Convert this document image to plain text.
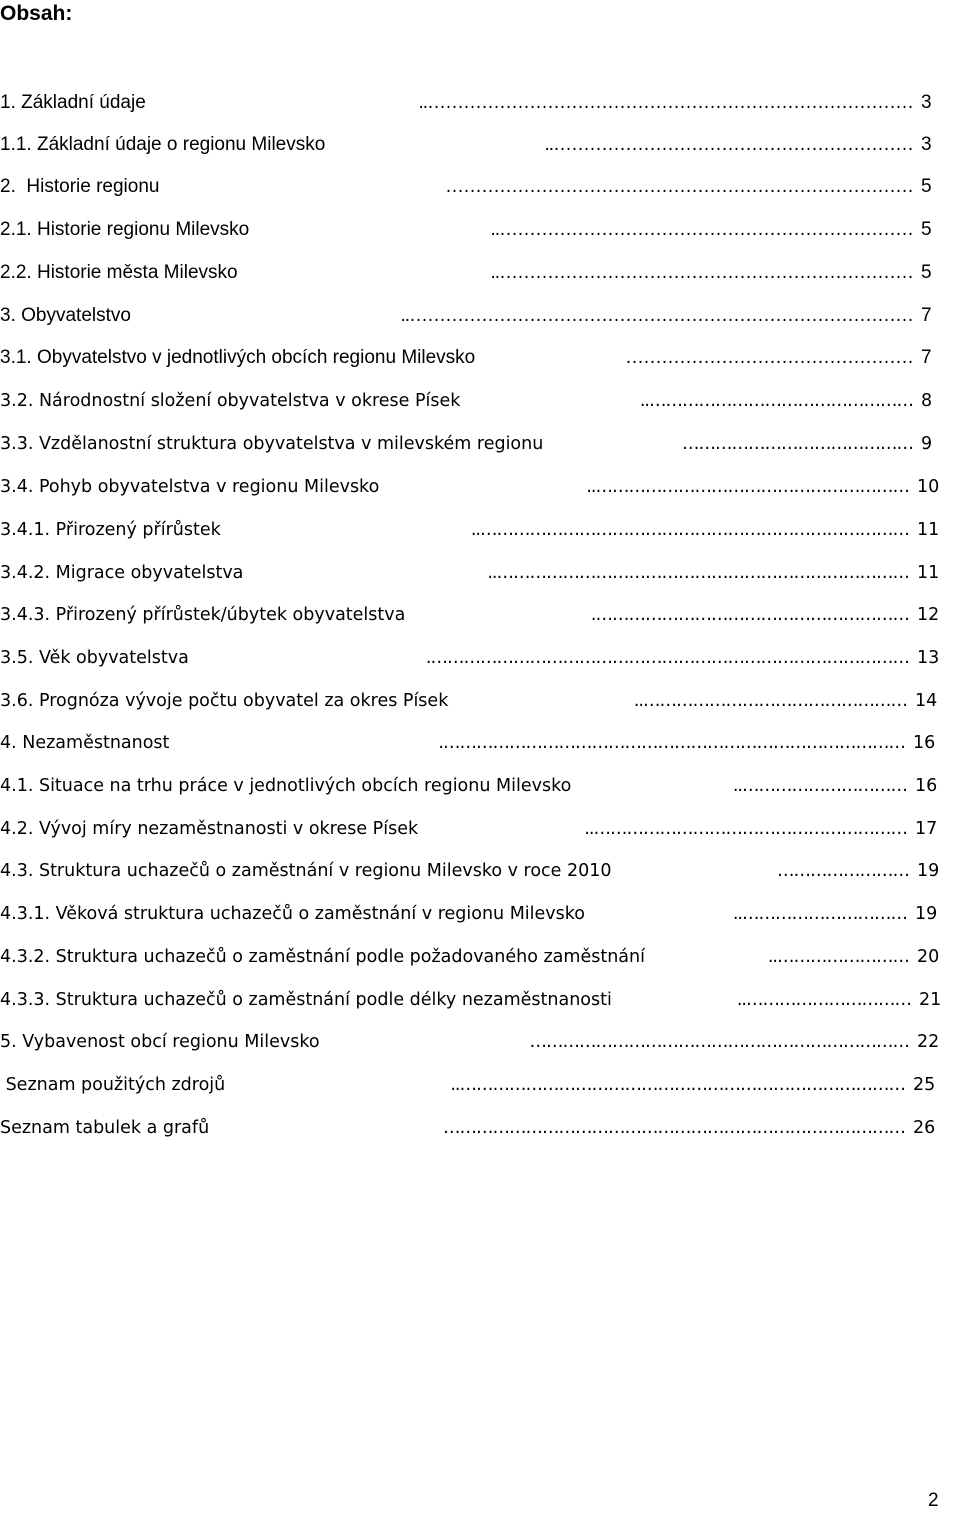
Obsah:
1. Základní údaje	……………………………………………………………………….. 3
1.1. Základní údaje o regionu Milevsko	…………………………………………………….. 3
2.  Historie regionu	…………………………………………………………………… 5
2.1. Historie regionu Milevsko	…………………………………………………………….. 5
2.2. Historie města Milevsko	…………………………………………………………….. 5
3. Obyvatelstvo	………………………………………………………………………….. 7
3.1. Obyvatelstvo v jednotlivých obcích regionu Milevsko	………………………………………… 7
3.2. Národnostní složení obyvatelstva v okrese Písek	………………………………………….. 8
3.3. Vzdělanostní struktura obyvatelstva v milevském regionu	…………………………………… 9
3.4. Pohyb obyvatelstva v regionu Milevsko	………………………………………………….. 10
3.4.1. Přirozený přírůstek	…………………………………………………………………….. 11
3.4.2. Migrace obyvatelstva	………………………………………………………………….. 11
3.4.3. Přirozený přírůstek/úbytek obyvatelstva	…………………………………………………. 12
3.5. Věk obyvatelstva	……………………………………………………………………………. 13
3.6. Prognóza vývoje počtu obyvatel za okres Písek	………………………………………….. 14
4. Nezaměstnanost	…………………………………………………………………………. 16
4.1. Situace na trhu práce v jednotlivých obcích regionu Milevsko	………………………….. 16
4.2. Vývoj míry nezaměstnanosti v okrese Písek	………………………………………………….. 17
4.3. Struktura uchazečů o zaměstnání v regionu Milevsko v roce 2010	…………………… 19
4.3.1. Věková struktura uchazečů o zaměstnání v regionu Milevsko	………………………….. 19
4.3.2. Struktura uchazečů o zaměstnání podle požadovaného zaměstnání	…………………….. 20
4.3.3. Struktura uchazečů o zaměstnání podle délky nezaměstnanosti	………………………….. 21
5. Vybavenost obcí regionu Milevsko	…………………………………………………………… 22
Seznam použitých zdrojů	……………………………………………………………………….. 25
Seznam tabulek a grafů	………………………………………………………………………… 26
2
